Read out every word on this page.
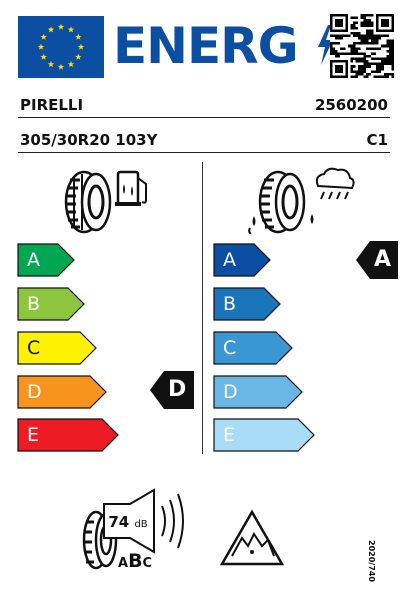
ENERG
PIRELLI	2560200
305/30R20 103Y	C1
A
B
C
D
E
A
B
C
D
E
D
A
74 dB
ABC	2020/740
